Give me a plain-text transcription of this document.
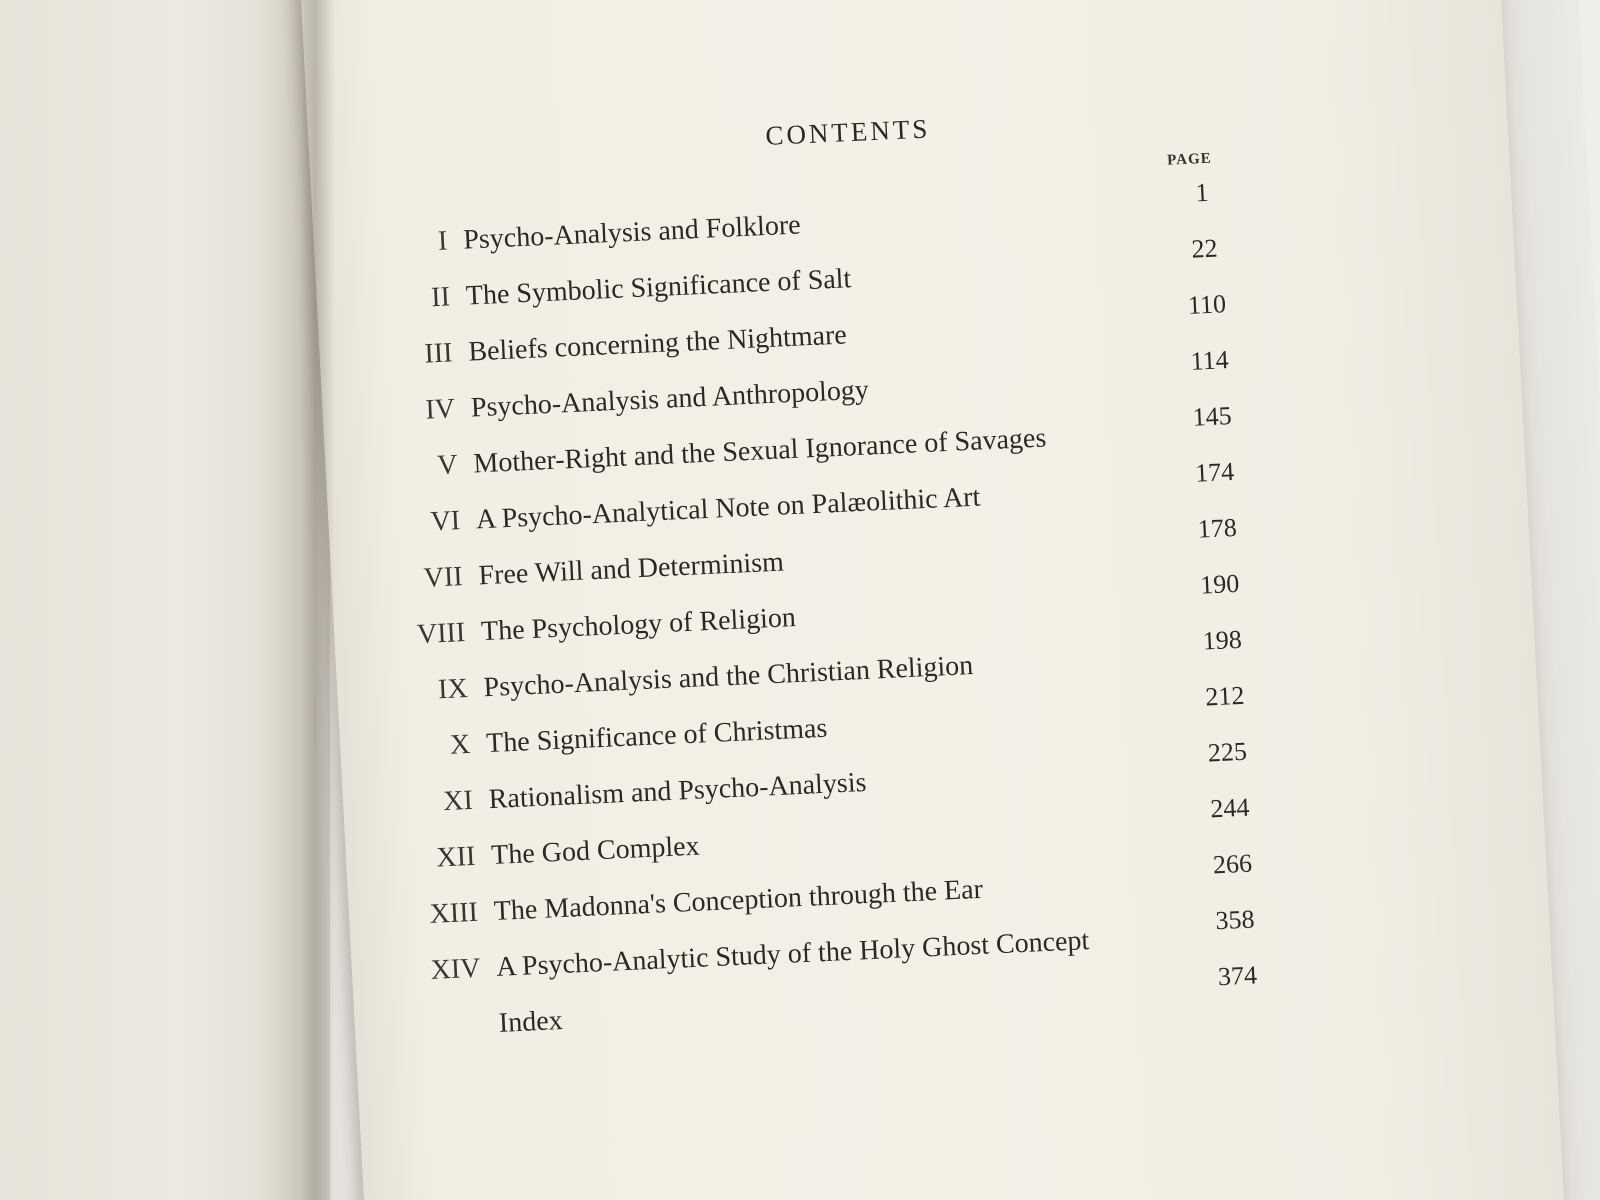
CONTENTS
PAGE
I Psycho-Analysis and Folklore
1
II The Symbolic Significance of Salt
22
III Beliefs concerning the Nightmare
110
IV Psycho-Analysis and Anthropology
114
V Mother-Right and the Sexual Ignorance of Savages
145
VI A Psycho-Analytical Note on Palæolithic Art
174
VII Free Will and Determinism
178
VIII The Psychology of Religion
190
IX Psycho-Analysis and the Christian Religion
198
X The Significance of Christmas
212
XI Rationalism and Psycho-Analysis
225
XII The God Complex
244
XIII The Madonna's Conception through the Ear
266
XIV A Psycho-Analytic Study of the Holy Ghost Concept
358
Index
374
